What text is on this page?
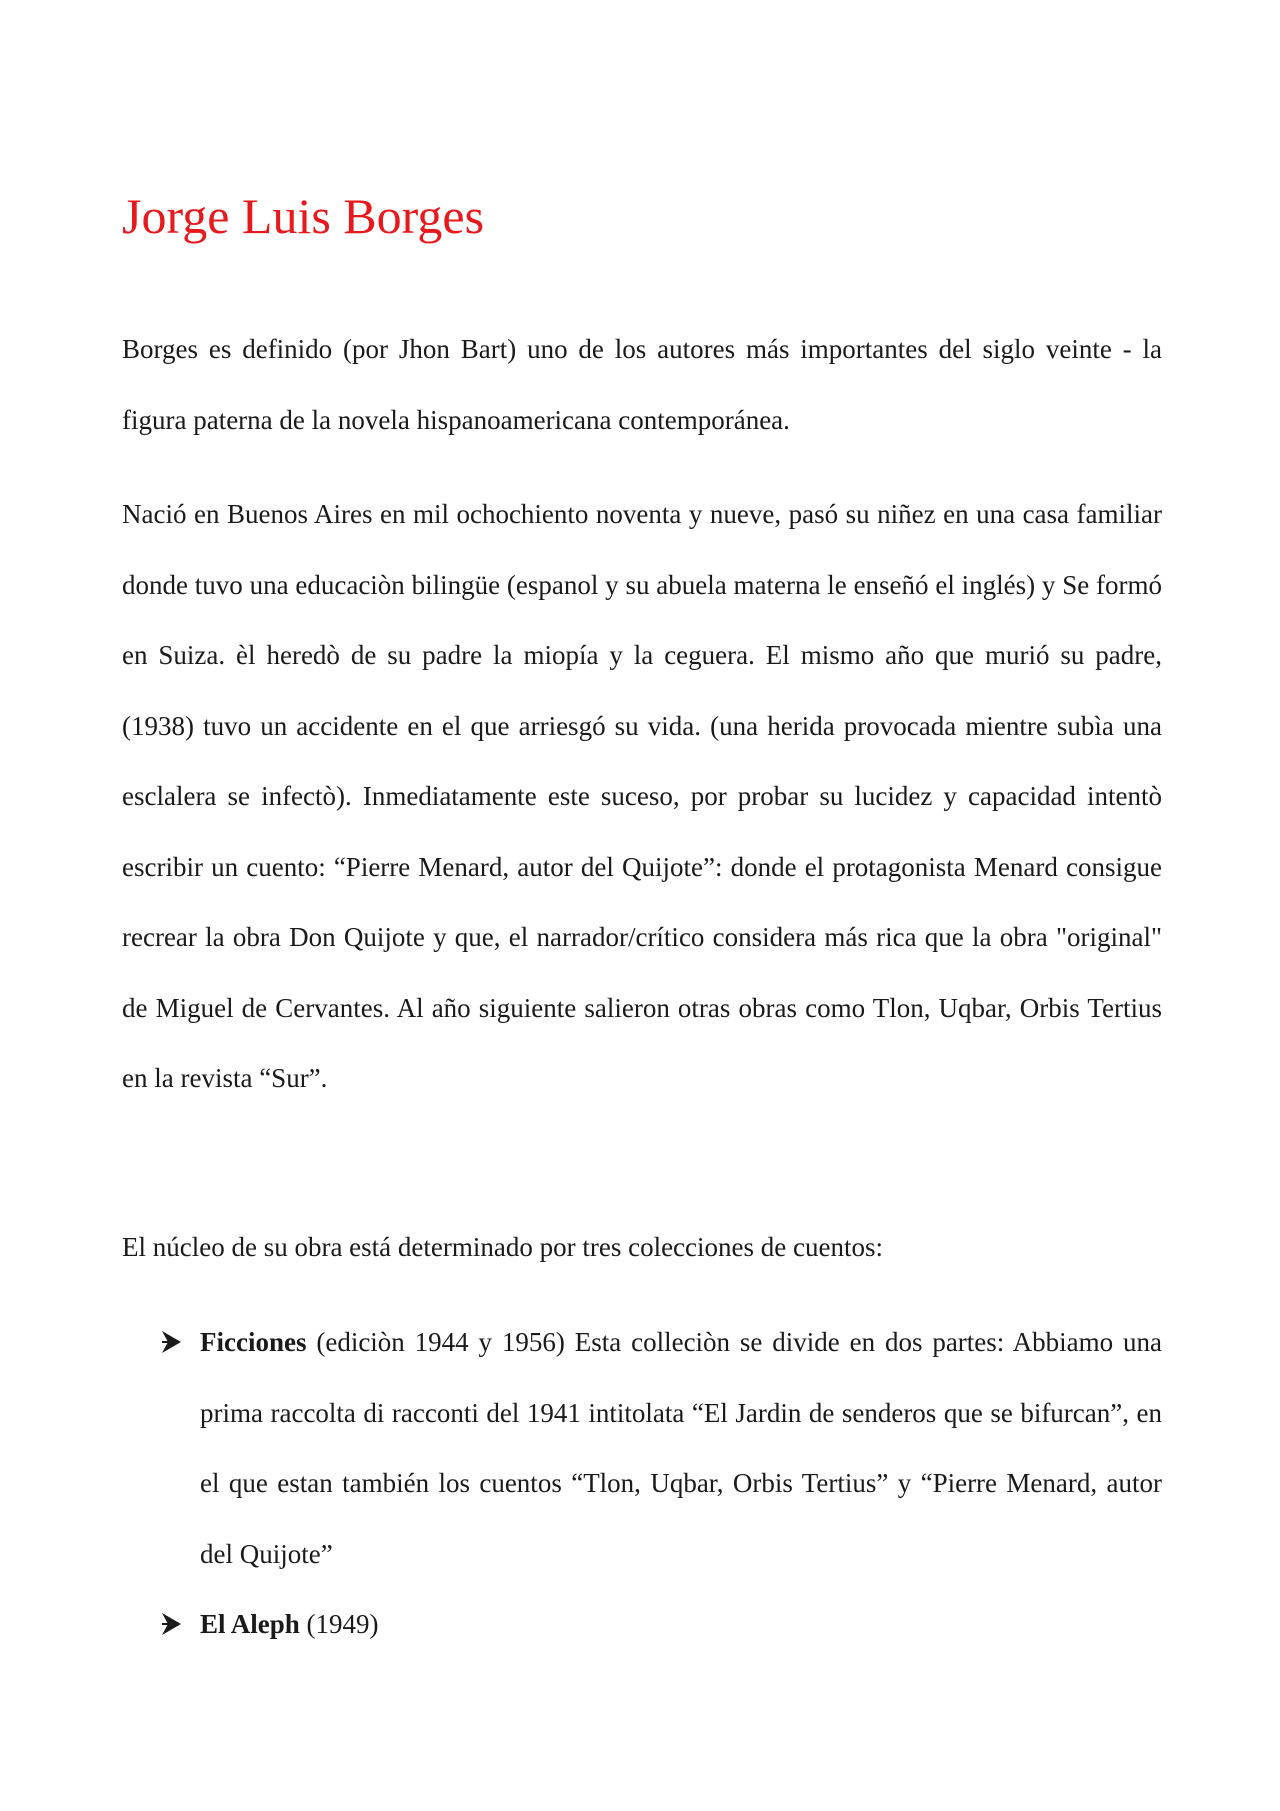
Jorge Luis Borges

Borges es definido (por Jhon Bart) uno de los autores más importantes del siglo veinte - la figura paterna de la novela hispanoamericana contemporánea.

Nació en Buenos Aires en mil ochochiento noventa y nueve, pasó su niñez en una casa familiar donde tuvo una educaciòn bilingüe (espanol y su abuela materna le enseñó el inglés) y Se formó en Suiza. èl heredò de su padre la miopía y la ceguera. El mismo año que murió su padre, (1938) tuvo un accidente en el que arriesgó su vida. (una herida provocada mientre subìa una esclalera se infectò). Inmediatamente este suceso, por probar su lucidez y capacidad intentò escribir un cuento: “Pierre Menard, autor del Quijote”: donde el protagonista Menard consigue recrear la obra Don Quijote y que, el narrador/crítico considera más rica que la obra "original" de Miguel de Cervantes. Al año siguiente salieron otras obras como Tlon, Uqbar, Orbis Tertius en la revista “Sur”.

El núcleo de su obra está determinado por tres colecciones de cuentos:

Ficciones (ediciòn 1944 y 1956) Esta colleciòn se divide en dos partes: Abbiamo una prima raccolta di racconti del 1941 intitolata “El Jardin de senderos que se bifurcan”, en el que estan también los cuentos “Tlon, Uqbar, Orbis Tertius” y “Pierre Menard, autor del Quijote”
El Aleph (1949)
